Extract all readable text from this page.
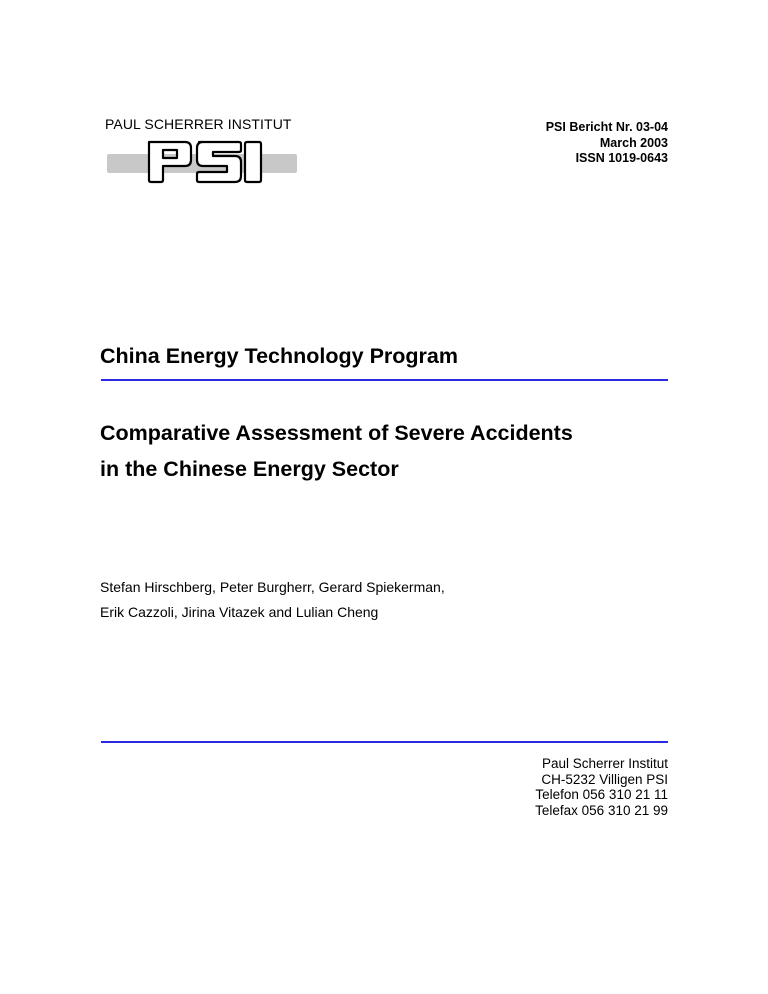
PAUL SCHERRER INSTITUT	PSI Bericht Nr. 03-04
March 2003
ISSN 1019-0643
China Energy Technology Program
Comparative Assessment of Severe Accidents
in the Chinese Energy Sector
Stefan Hirschberg, Peter Burgherr, Gerard Spiekerman,
Erik Cazzoli, Jirina Vitazek and Lulian Cheng
Paul Scherrer Institut
CH-5232 Villigen PSI
Telefon 056 310 21 11
Telefax 056 310 21 99
